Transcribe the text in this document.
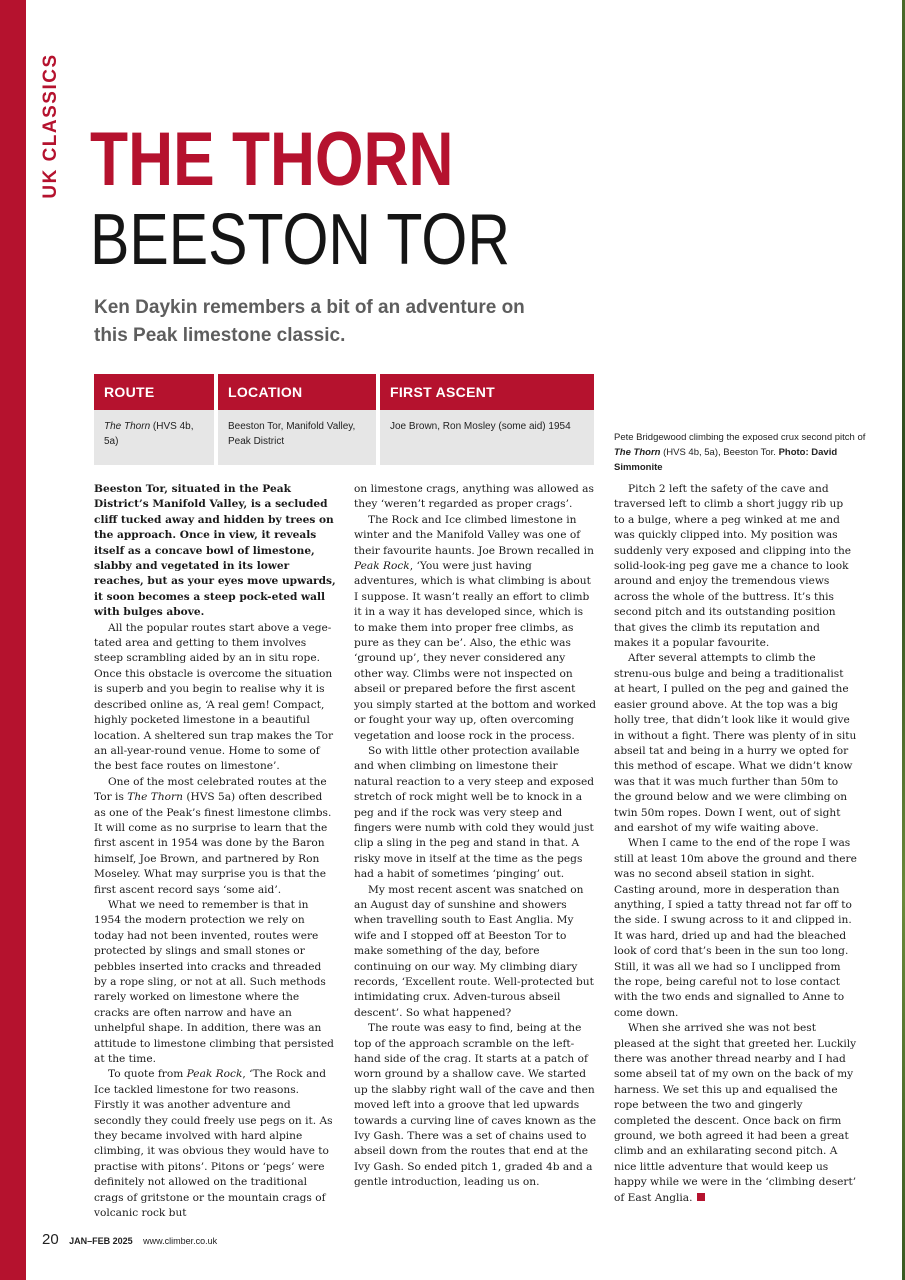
UK CLASSICS THE THORN
BEESTON TOR

Ken Daykin remembers a bit of an adventure on this Peak limestone classic.

ROUTE	LOCATION	FIRST ASCENT
The Thorn (HVS 4b, 5a)	Beeston Tor, Manifold Valley, Peak District	Joe Brown, Ron Mosley (some aid) 1954

Pete Bridgewood climbing the exposed crux second pitch of The Thorn (HVS 4b, 5a), Beeston Tor. Photo: David Simmonite

Beeston Tor, situated in the Peak District’s Manifold Valley, is a secluded cliff tucked away and hidden by trees on the approach. Once in view, it reveals itself as a concave bowl of limestone, slabby and vegetated in its lower reaches, but as your eyes move upwards, it soon becomes a steep pock-eted wall with bulges above.

All the popular routes start above a vege-tated area and getting to them involves steep scrambling aided by an in situ rope. Once this obstacle is overcome the situation is superb and you begin to realise why it is described online as, ‘A real gem! Compact, highly pocketed limestone in a beautiful location. A sheltered sun trap makes the Tor an all-year-round venue. Home to some of the best face routes on limestone’.

One of the most celebrated routes at the Tor is The Thorn (HVS 5a) often described as one of the Peak’s finest limestone climbs. It will come as no surprise to learn that the first ascent in 1954 was done by the Baron himself, Joe Brown, and partnered by Ron Moseley. What may surprise you is that the first ascent record says ‘some aid’.

What we need to remember is that in 1954 the modern protection we rely on today had not been invented, routes were protected by slings and small stones or pebbles inserted into cracks and threaded by a rope sling, or not at all. Such methods rarely worked on limestone where the cracks are often narrow and have an unhelpful shape. In addition, there was an attitude to limestone climbing that persisted at the time.

To quote from Peak Rock, ‘The Rock and Ice tackled limestone for two reasons. Firstly it was another adventure and secondly they could freely use pegs on it. As they became involved with hard alpine climbing, it was obvious they would have to practise with pitons’. Pitons or ‘pegs’ were definitely not allowed on the traditional crags of gritstone or the mountain crags of volcanic rock but

on limestone crags, anything was allowed as they ‘weren’t regarded as proper crags’.

The Rock and Ice climbed limestone in winter and the Manifold Valley was one of their favourite haunts. Joe Brown recalled in Peak Rock, ‘You were just having adventures, which is what climbing is about I suppose. It wasn’t really an effort to climb it in a way it has developed since, which is to make them into proper free climbs, as pure as they can be’. Also, the ethic was ‘ground up’, they never considered any other way. Climbs were not inspected on abseil or prepared before the first ascent you simply started at the bottom and worked or fought your way up, often overcoming vegetation and loose rock in the process.

So with little other protection available and when climbing on limestone their natural reaction to a very steep and exposed stretch of rock might well be to knock in a peg and if the rock was very steep and fingers were numb with cold they would just clip a sling in the peg and stand in that. A risky move in itself at the time as the pegs had a habit of sometimes ‘pinging’ out.

My most recent ascent was snatched on an August day of sunshine and showers when travelling south to East Anglia. My wife and I stopped off at Beeston Tor to make something of the day, before continuing on our way. My climbing diary records, ‘Excellent route. Well-protected but intimidating crux. Adven-turous abseil descent’. So what happened?

The route was easy to find, being at the top of the approach scramble on the left-hand side of the crag. It starts at a patch of worn ground by a shallow cave. We started up the slabby right wall of the cave and then moved left into a groove that led upwards towards a curving line of caves known as the Ivy Gash. There was a set of chains used to abseil down from the routes that end at the Ivy Gash. So ended pitch 1, graded 4b and a gentle introduction, leading us on.

Pitch 2 left the safety of the cave and traversed left to climb a short juggy rib up to a bulge, where a peg winked at me and was quickly clipped into. My position was suddenly very exposed and clipping into the solid-look-ing peg gave me a chance to look around and enjoy the tremendous views across the whole of the buttress. It’s this second pitch and its outstanding position that gives the climb its reputation and makes it a popular favourite.

After several attempts to climb the strenu-ous bulge and being a traditionalist at heart, I pulled on the peg and gained the easier ground above. At the top was a big holly tree, that didn’t look like it would give in without a fight. There was plenty of in situ abseil tat and being in a hurry we opted for this method of escape. What we didn’t know was that it was much further than 50m to the ground below and we were climbing on twin 50m ropes. Down I went, out of sight and earshot of my wife waiting above.

When I came to the end of the rope I was still at least 10m above the ground and there was no second abseil station in sight. Casting around, more in desperation than anything, I spied a tatty thread not far off to the side. I swung across to it and clipped in. It was hard, dried up and had the bleached look of cord that’s been in the sun too long. Still, it was all we had so I unclipped from the rope, being careful not to lose contact with the two ends and signalled to Anne to come down.

When she arrived she was not best pleased at the sight that greeted her. Luckily there was another thread nearby and I had some abseil tat of my own on the back of my harness. We set this up and equalised the rope between the two and gingerly completed the descent. Once back on firm ground, we both agreed it had been a great climb and an exhilarating second pitch. A nice little adventure that would keep us happy while we were in the ‘climbing desert’ of East Anglia.

20 JAN–FEB 2025 www.climber.co.uk
